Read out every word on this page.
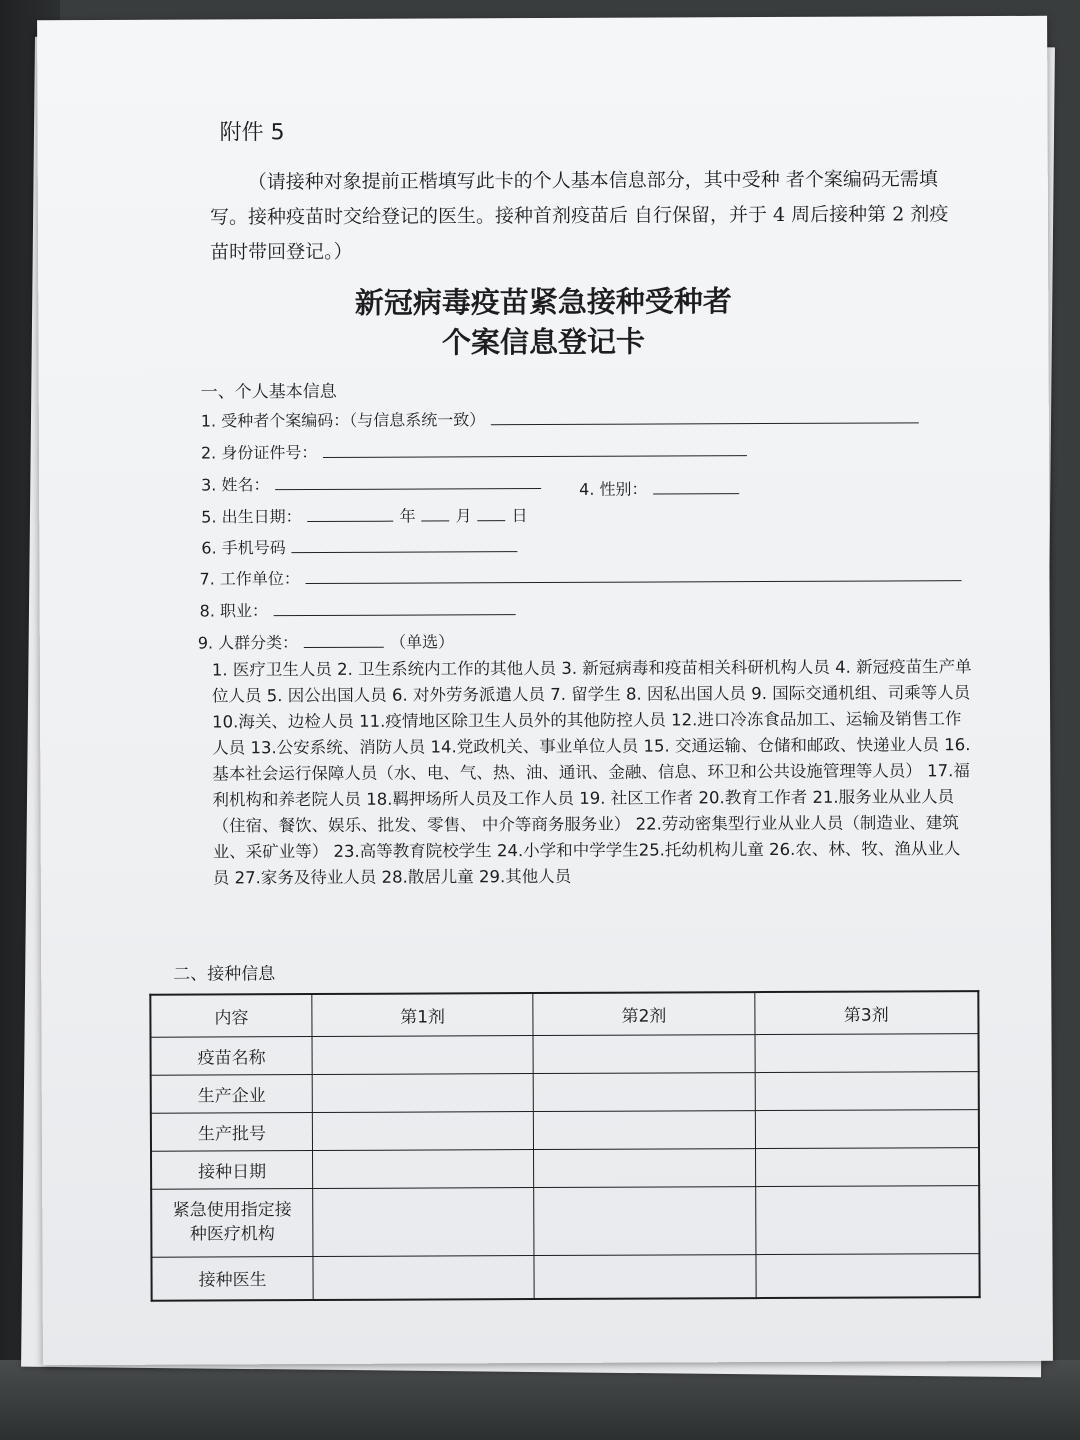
附件 5
（请接种对象提前正楷填写此卡的个人基本信息部分，其中受种 者个案编码无需填写。接种疫苗时交给登记的医生。接种首剂疫苗后 自行保留，并于 4 周后接种第 2 剂疫苗时带回登记。）
新冠病毒疫苗紧急接种受种者
个案信息登记卡
一、个人基本信息
1. 受种者个案编码：（与信息系统一致）
2. 身份证件号：
3. 姓名：	4. 性别：
5. 出生日期：	年 月 日
6. 手机号码
7. 工作单位：
8. 职业：
9. 人群分类：	（单选）
1. 医疗卫生人员 2. 卫生系统内工作的其他人员 3. 新冠病毒和疫苗相关科研机构人员 4. 新冠疫苗生产单位人员 5. 因公出国人员 6. 对外劳务派遣人员 7. 留学生 8. 因私出国人员 9. 国际交通机组、司乘等人员 10.海关、边检人员 11.疫情地区除卫生人员外的其他防控人员 12.进口冷冻食品加工、运输及销售工作人员 13.公安系统、消防人员 14.党政机关、事业单位人员 15. 交通运输、仓储和邮政、快递业人员 16.基本社会运行保障人员（水、电、气、热、油、通讯、金融、信息、环卫和公共设施管理等人员） 17.福利机构和养老院人员 18.羁押场所人员及工作人员 19. 社区工作者 20.教育工作者 21.服务业从业人员（住宿、餐饮、娱乐、批发、零售、 中介等商务服务业） 22.劳动密集型行业从业人员（制造业、建筑业、采矿业等） 23.高等教育院校学生 24.小学和中学学生25.托幼机构儿童 26.农、林、牧、渔从业人员 27.家务及待业人员 28.散居儿童 29.其他人员
二、接种信息
内容	第1剂	第2剂	第3剂
疫苗名称			
生产企业			
生产批号			
接种日期			
紧急使用指定接种医疗机构			
接种医生			
